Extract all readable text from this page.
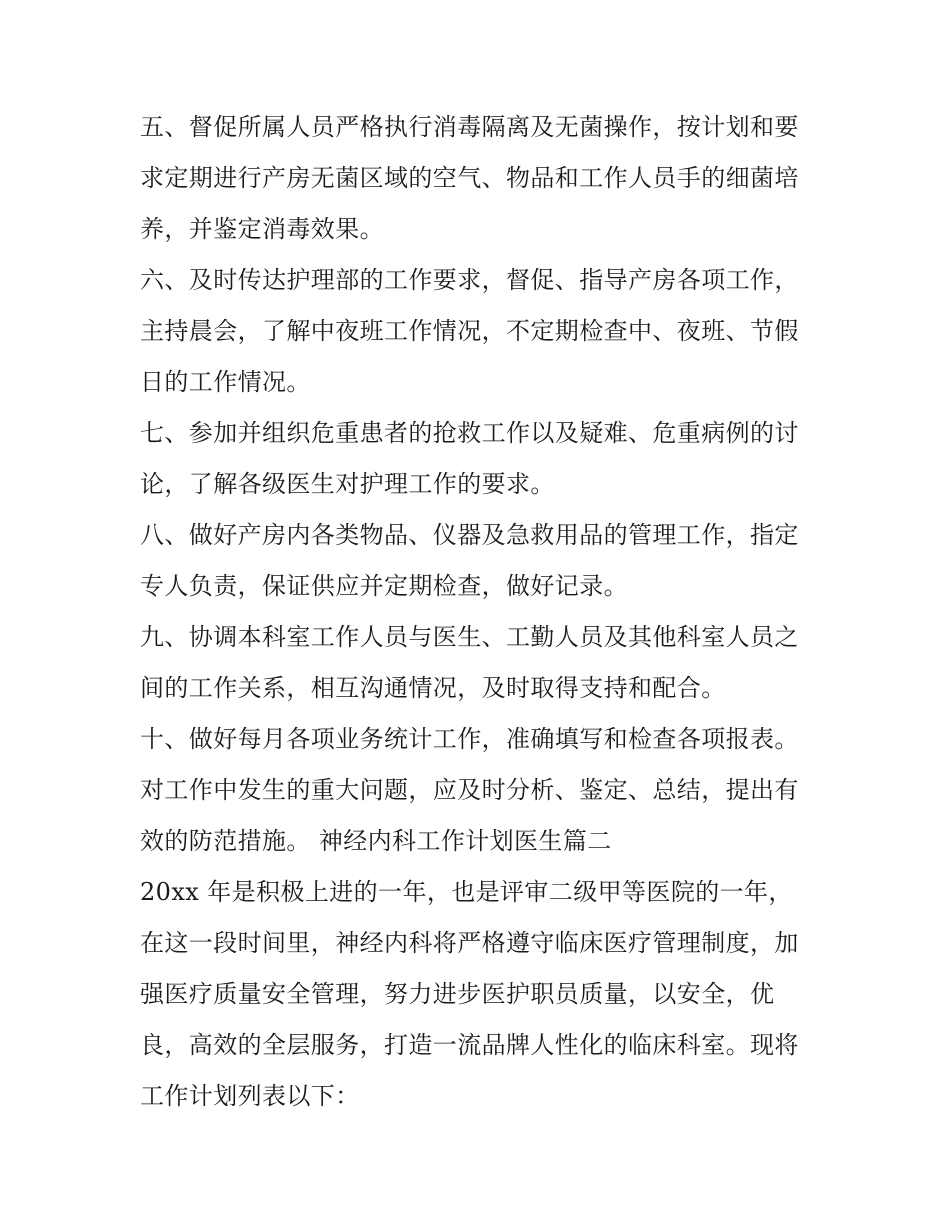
五、督促所属人员严格执行消毒隔离及无菌操作，按计划和要
求定期进行产房无菌区域的空气、物品和工作人员手的细菌培
养，并鉴定消毒效果。
六、及时传达护理部的工作要求，督促、指导产房各项工作，
主持晨会，了解中夜班工作情况，不定期检查中、夜班、节假
日的工作情况。
七、参加并组织危重患者的抢救工作以及疑难、危重病例的讨
论，了解各级医生对护理工作的要求。
八、做好产房内各类物品、仪器及急救用品的管理工作，指定
专人负责，保证供应并定期检查，做好记录。
九、协调本科室工作人员与医生、工勤人员及其他科室人员之
间的工作关系，相互沟通情况，及时取得支持和配合。
十、做好每月各项业务统计工作，准确填写和检查各项报表。
对工作中发生的重大问题，应及时分析、鉴定、总结，提出有
效的防范措施。 神经内科工作计划医生篇二
20xx 年是积极上进的一年，也是评审二级甲等医院的一年，
在这一段时间里，神经内科将严格遵守临床医疗管理制度，加
强医疗质量安全管理，努力进步医护职员质量，以安全，优
良，高效的全层服务，打造一流品牌人性化的临床科室。现将
工作计划列表以下：
